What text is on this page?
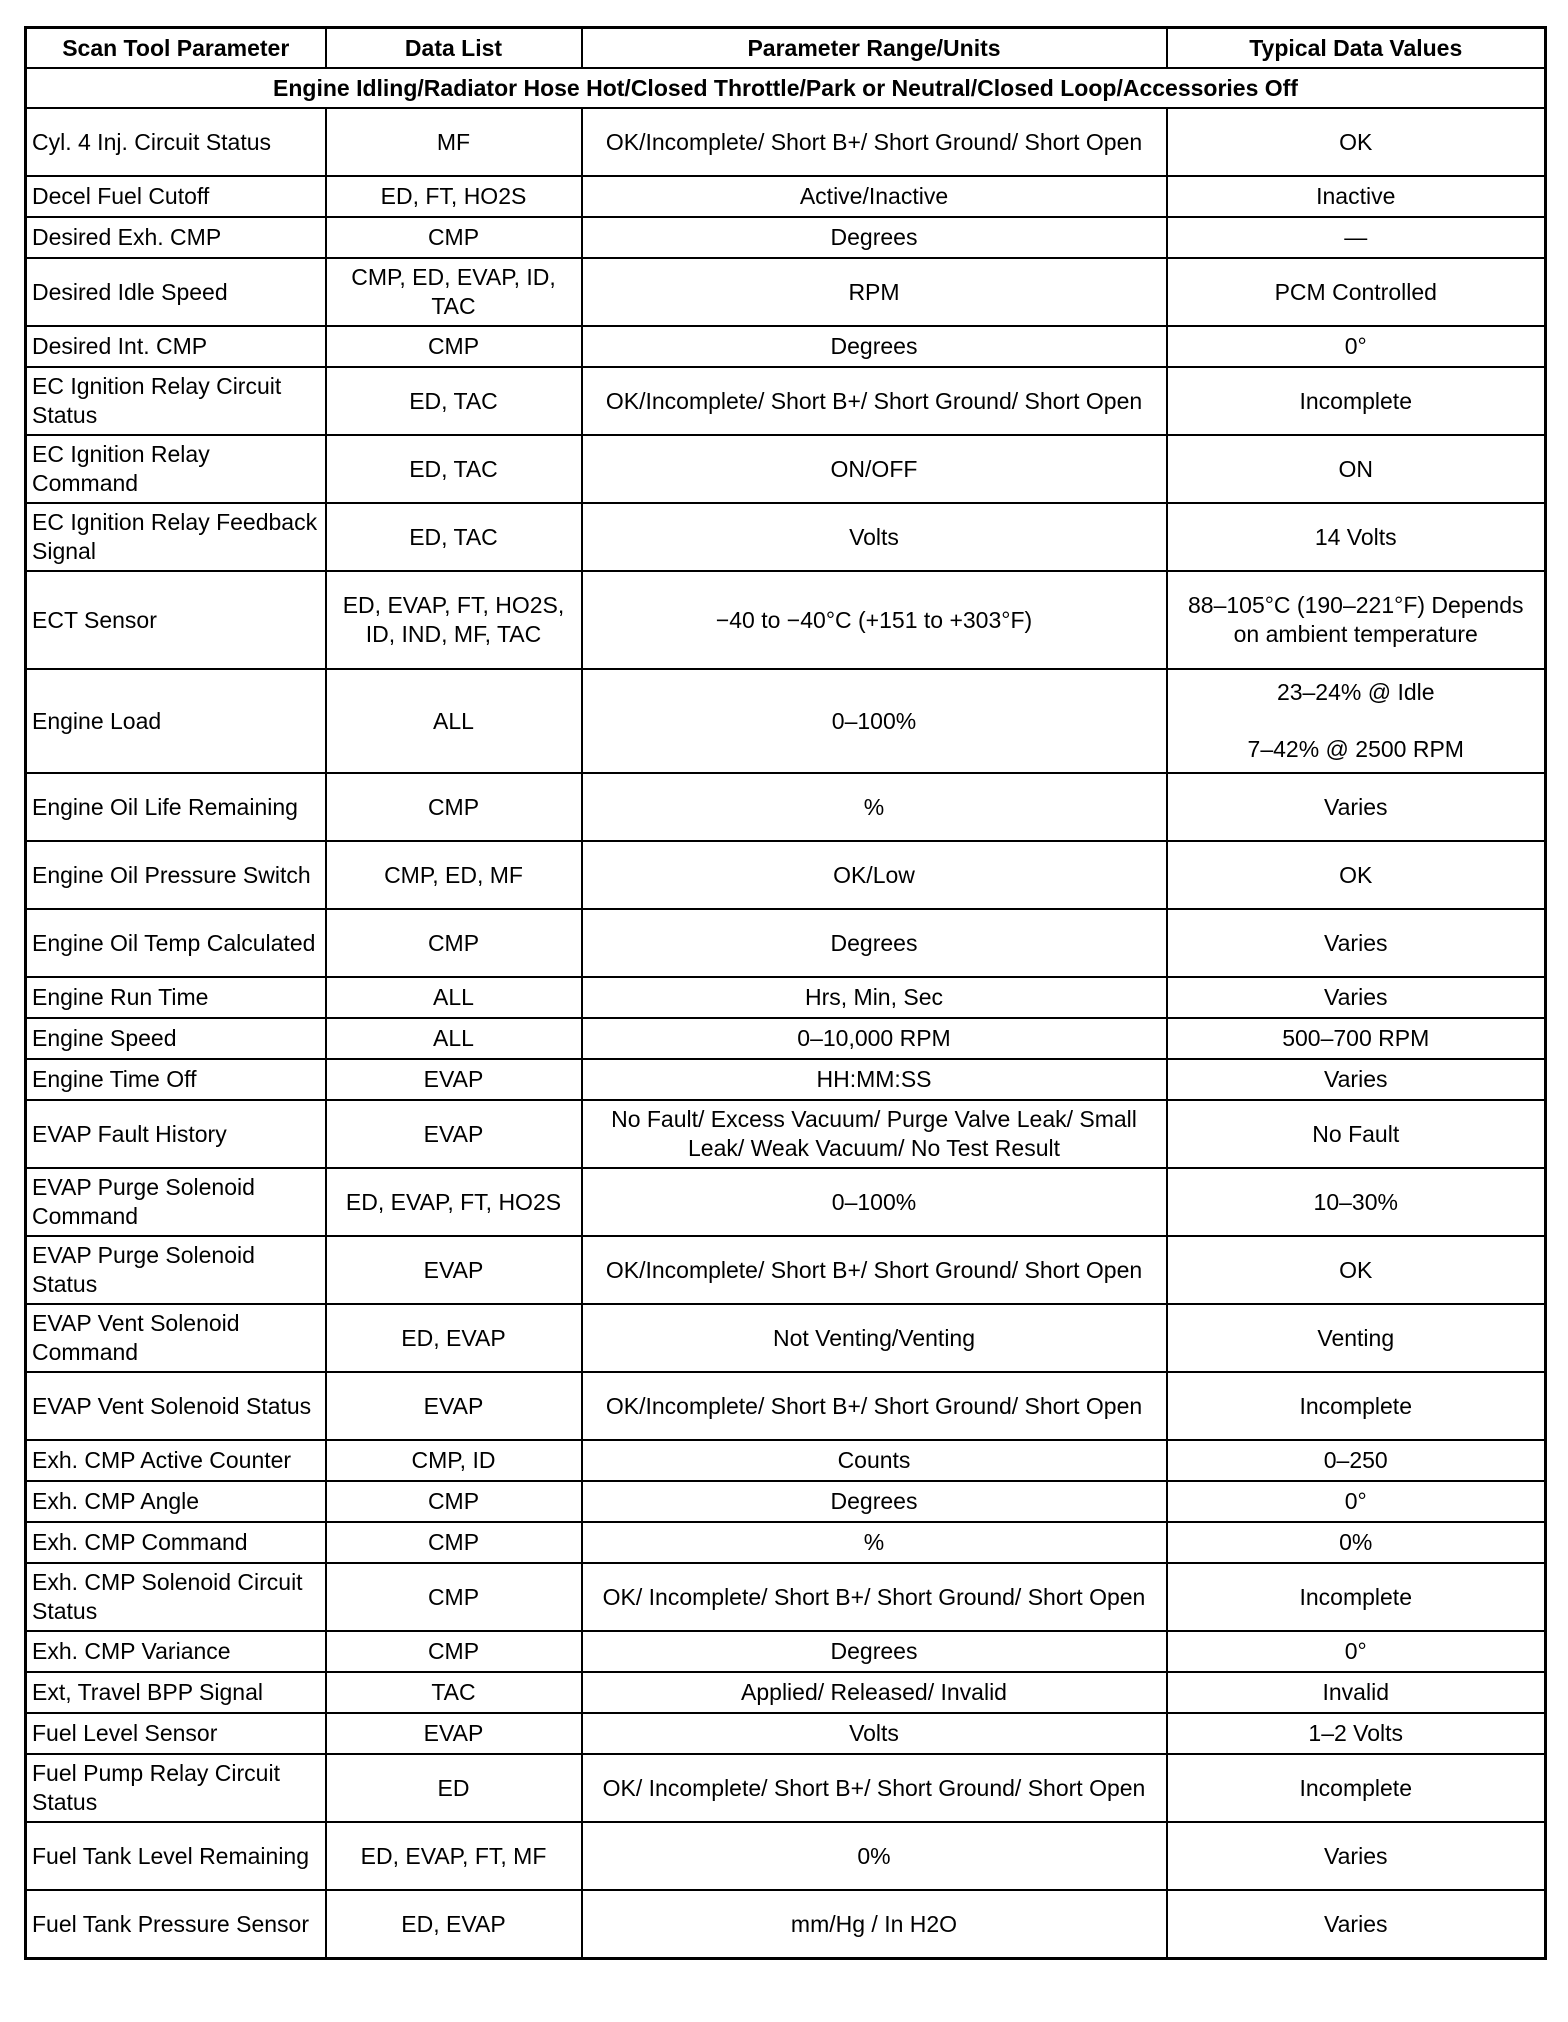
Scan Tool Parameter	Data List	Parameter Range/Units	Typical Data Values
Engine Idling/Radiator Hose Hot/Closed Throttle/Park or Neutral/Closed Loop/Accessories Off			
Cyl. 4 Inj. Circuit Status	MF	OK/Incomplete/ Short B+/ Short Ground/ Short Open	OK
Decel Fuel Cutoff	ED, FT, HO2S	Active/Inactive	Inactive
Desired Exh. CMP	CMP	Degrees	—
Desired Idle Speed	CMP, ED, EVAP, ID, TAC	RPM	PCM Controlled
Desired Int. CMP	CMP	Degrees	0°
EC Ignition Relay Circuit Status	ED, TAC	OK/Incomplete/ Short B+/ Short Ground/ Short Open	Incomplete
EC Ignition Relay Command	ED, TAC	ON/OFF	ON
EC Ignition Relay Feedback Signal	ED, TAC	Volts	14 Volts
ECT Sensor	ED, EVAP, FT, HO2S, ID, IND, MF, TAC	−40 to −40°C (+151 to +303°F)	88–105°C (190–221°F) Depends on ambient temperature
Engine Load	ALL	0–100%	23–24% @ Idle
7–42% @ 2500 RPM

Engine Oil Life Remaining	CMP	%	Varies
Engine Oil Pressure Switch	CMP, ED, MF	OK/Low	OK
Engine Oil Temp Calculated	CMP	Degrees	Varies
Engine Run Time	ALL	Hrs, Min, Sec	Varies
Engine Speed	ALL	0–10,000 RPM	500–700 RPM
Engine Time Off	EVAP	HH:MM:SS	Varies
EVAP Fault History	EVAP	No Fault/ Excess Vacuum/ Purge Valve Leak/ Small Leak/ Weak Vacuum/ No Test Result	No Fault
EVAP Purge Solenoid Command	ED, EVAP, FT, HO2S	0–100%	10–30%
EVAP Purge Solenoid Status	EVAP	OK/Incomplete/ Short B+/ Short Ground/ Short Open	OK
EVAP Vent Solenoid Command	ED, EVAP	Not Venting/Venting	Venting
EVAP Vent Solenoid Status	EVAP	OK/Incomplete/ Short B+/ Short Ground/ Short Open	Incomplete
Exh. CMP Active Counter	CMP, ID	Counts	0–250
Exh. CMP Angle	CMP	Degrees	0°
Exh. CMP Command	CMP	%	0%
Exh. CMP Solenoid Circuit Status	CMP	OK/ Incomplete/ Short B+/ Short Ground/ Short Open	Incomplete
Exh. CMP Variance	CMP	Degrees	0°
Ext, Travel BPP Signal	TAC	Applied/ Released/ Invalid	Invalid
Fuel Level Sensor	EVAP	Volts	1–2 Volts
Fuel Pump Relay Circuit Status	ED	OK/ Incomplete/ Short B+/ Short Ground/ Short Open	Incomplete
Fuel Tank Level Remaining	ED, EVAP, FT, MF	0%	Varies
Fuel Tank Pressure Sensor	ED, EVAP	mm/Hg / In H2O	Varies
